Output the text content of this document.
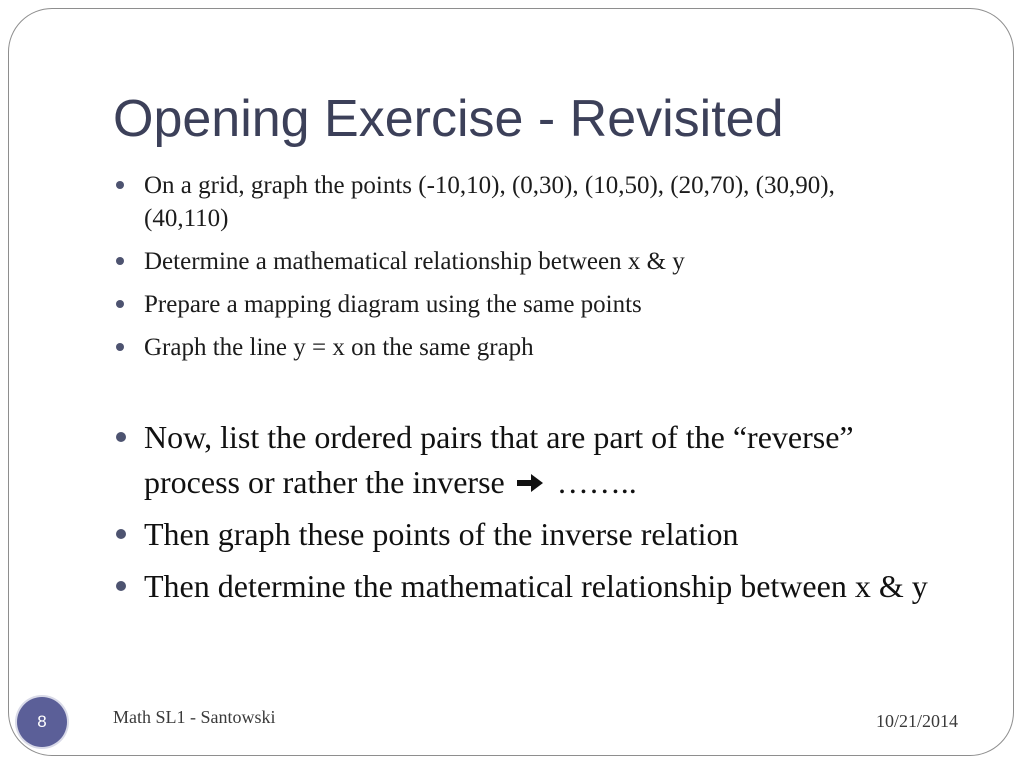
Opening Exercise - Revisited
On a grid, graph the points (-10,10), (0,30), (10,50), (20,70), (30,90), (40,110)
Determine a mathematical relationship between x & y
Prepare a mapping diagram using the same points
Graph the line y = x on the same graph
Now, list the ordered pairs that are part of the “reverse” process or rather the inverse ……..
Then graph these points of the inverse relation
Then determine the mathematical relationship between x & y
8	Math SL1 - Santowski	10/21/2014
